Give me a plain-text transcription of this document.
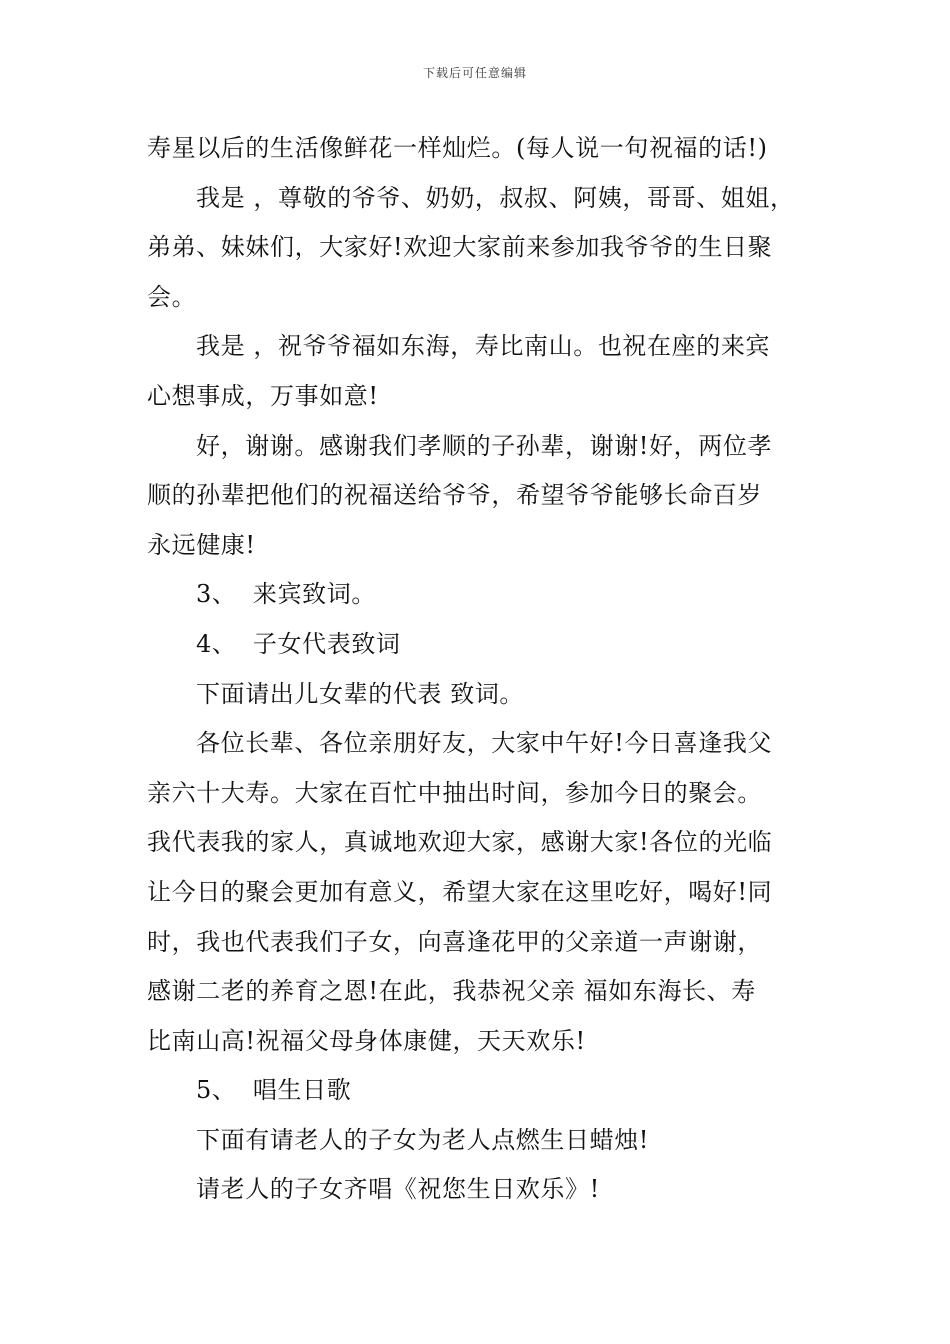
下载后可任意编辑
寿星以后的生活像鲜花一样灿烂。(每人说一句祝福的话!)
我是 ，尊敬的爷爷、奶奶，叔叔、阿姨，哥哥、姐姐，
弟弟、妹妹们，大家好!欢迎大家前来参加我爷爷的生日聚
会。
我是 ，祝爷爷福如东海，寿比南山。也祝在座的来宾
心想事成，万事如意!
好，谢谢。感谢我们孝顺的子孙辈，谢谢!好，两位孝
顺的孙辈把他们的祝福送给爷爷，希望爷爷能够长命百岁
永远健康!
3、  来宾致词。
4、  子女代表致词
下面请出儿女辈的代表 致词。
各位长辈、各位亲朋好友，大家中午好!今日喜逢我父
亲六十大寿。大家在百忙中抽出时间，参加今日的聚会。
我代表我的家人，真诚地欢迎大家，感谢大家!各位的光临
让今日的聚会更加有意义，希望大家在这里吃好，喝好!同
时，我也代表我们子女，向喜逢花甲的父亲道一声谢谢，
感谢二老的养育之恩!在此，我恭祝父亲 福如东海长、寿
比南山高!祝福父母身体康健，天天欢乐!
5、  唱生日歌
下面有请老人的子女为老人点燃生日蜡烛!
请老人的子女齐唱《祝您生日欢乐》!
